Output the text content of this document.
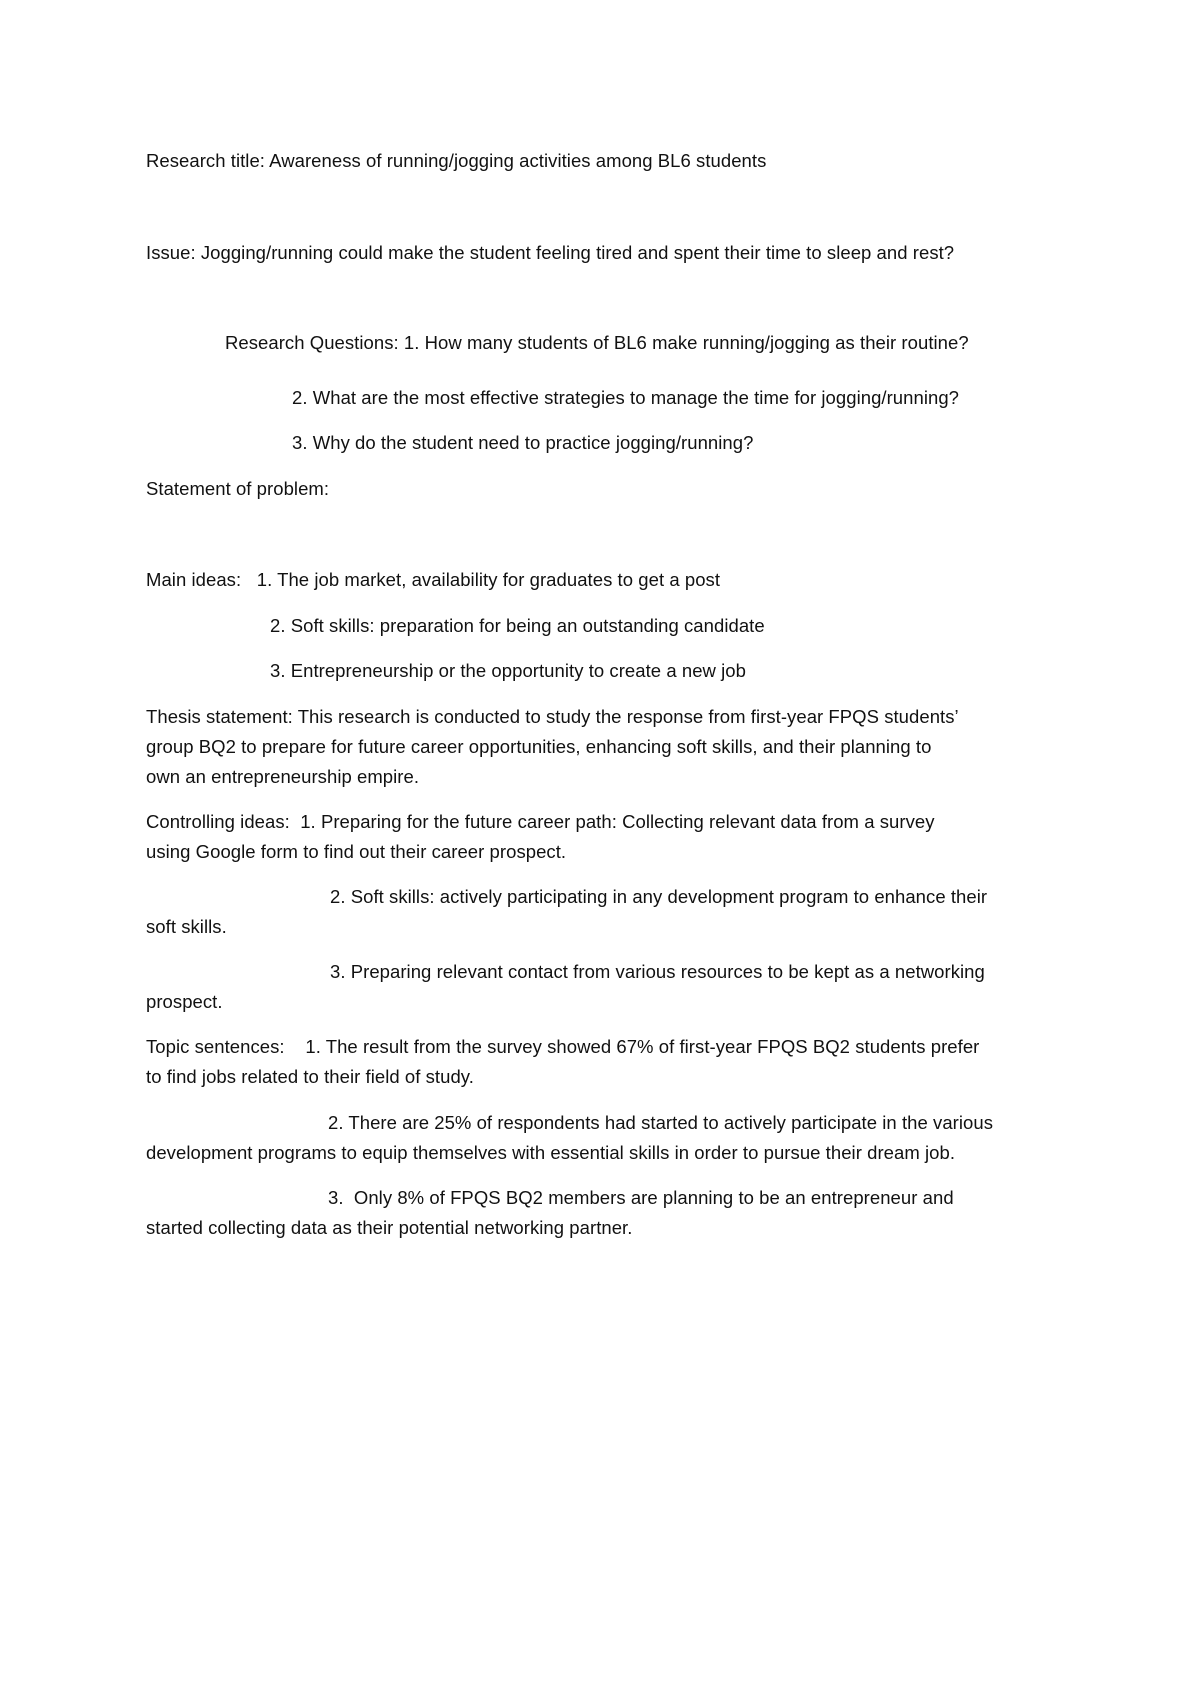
Research title: Awareness of running/jogging activities among BL6 students
Issue: Jogging/running could make the student feeling tired and spent their time to sleep and rest?
Research Questions: 1. How many students of BL6 make running/jogging as their routine?
2. What are the most effective strategies to manage the time for jogging/running?
3. Why do the student need to practice jogging/running?
Statement of problem:
Main ideas:   1. The job market, availability for graduates to get a post
2. Soft skills: preparation for being an outstanding candidate
3. Entrepreneurship or the opportunity to create a new job
Thesis statement: This research is conducted to study the response from first-year FPQS students’
group BQ2 to prepare for future career opportunities, enhancing soft skills, and their planning to
own an entrepreneurship empire.
Controlling ideas:  1. Preparing for the future career path: Collecting relevant data from a survey
using Google form to find out their career prospect.
2. Soft skills: actively participating in any development program to enhance their
soft skills.
3. Preparing relevant contact from various resources to be kept as a networking
prospect.
Topic sentences:    1. The result from the survey showed 67% of first-year FPQS BQ2 students prefer
to find jobs related to their field of study.
2. There are 25% of respondents had started to actively participate in the various
development programs to equip themselves with essential skills in order to pursue their dream job.
3.  Only 8% of FPQS BQ2 members are planning to be an entrepreneur and
started collecting data as their potential networking partner.
